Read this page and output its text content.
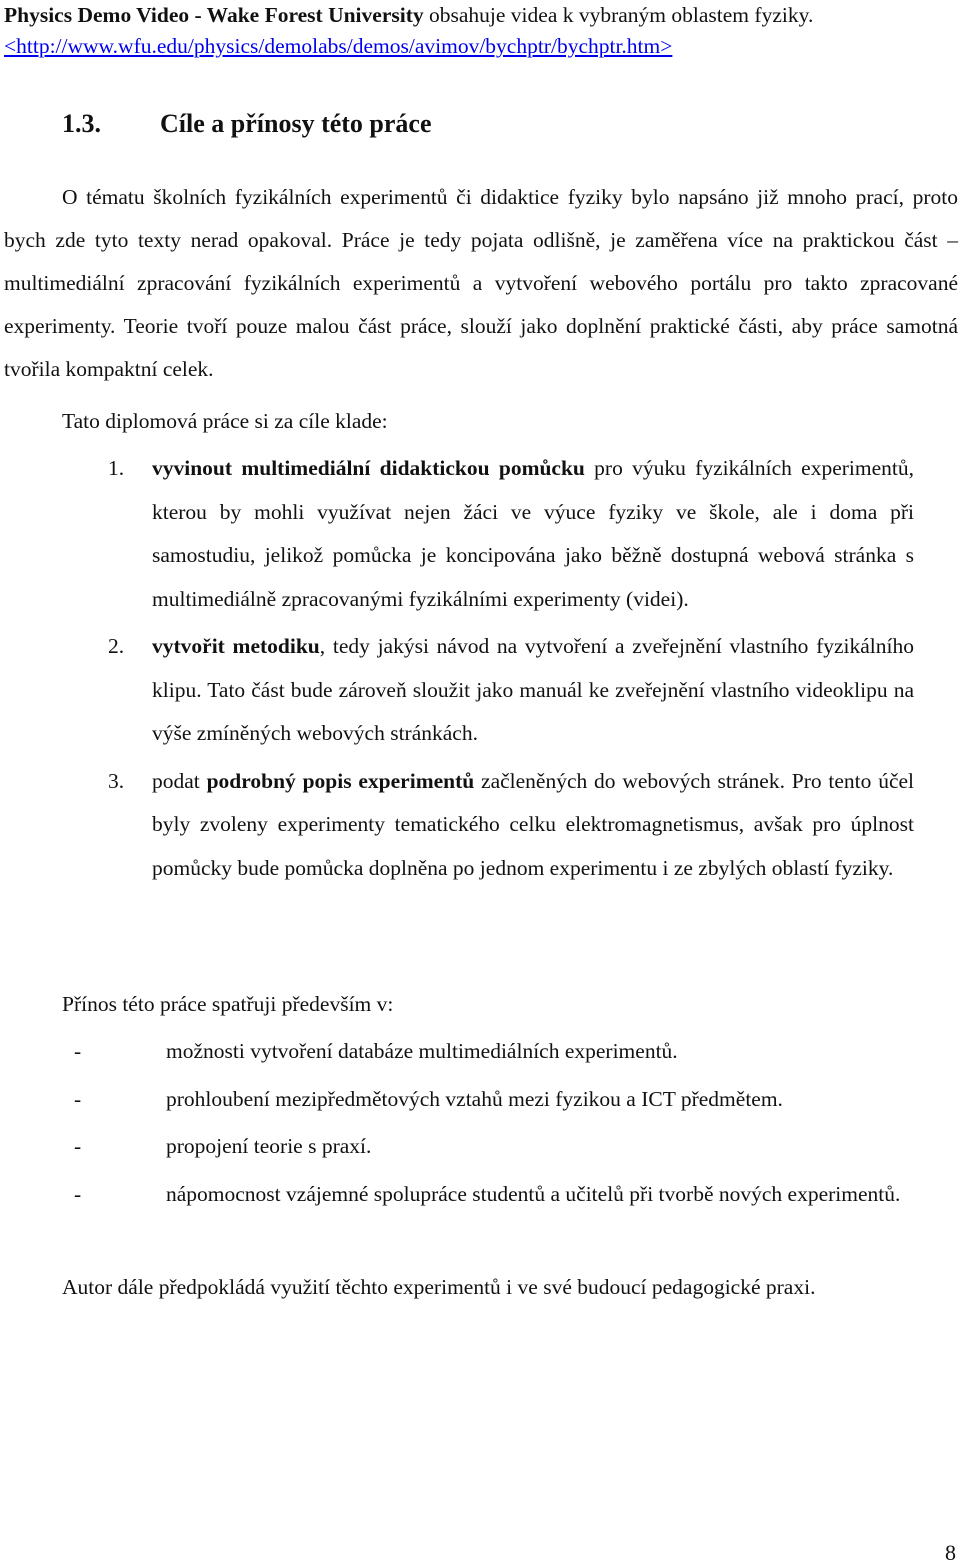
Physics Demo Video - Wake Forest University obsahuje videa k vybraným oblastem fyziky. <http://www.wfu.edu/physics/demolabs/demos/avimov/bychptr/bychptr.htm>

1.3. Cíle a přínosy této práce

O tématu školních fyzikálních experimentů či didaktice fyziky bylo napsáno již mnoho prací, proto bych zde tyto texty nerad opakoval. Práce je tedy pojata odlišně, je zaměřena více na praktickou část – multimediální zpracování fyzikálních experimentů a vytvoření webového portálu pro takto zpracované experimenty. Teorie tvoří pouze malou část práce, slouží jako doplnění praktické části, aby práce samotná tvořila kompaktní celek.

Tato diplomová práce si za cíle klade:

1. vyvinout multimediální didaktickou pomůcku pro výuku fyzikálních experimentů, kterou by mohli využívat nejen žáci ve výuce fyziky ve škole, ale i doma při samostudiu, jelikož pomůcka je koncipována jako běžně dostupná webová stránka s multimediálně zpracovanými fyzikálními experimenty (videi).
2. vytvořit metodiku, tedy jakýsi návod na vytvoření a zveřejnění vlastního fyzikálního klipu. Tato část bude zároveň sloužit jako manuál ke zveřejnění vlastního videoklipu na výše zmíněných webových stránkách.
3. podat podrobný popis experimentů začleněných do webových stránek. Pro tento účel byly zvoleny experimenty tematického celku elektromagnetismus, avšak pro úplnost pomůcky bude pomůcka doplněna po jednom experimentu i ze zbylých oblastí fyziky.

Přínos této práce spatřuji především v:

-	možnosti vytvoření databáze multimediálních experimentů.
-	prohloubení mezipředmětových vztahů mezi fyzikou a ICT předmětem.
-	propojení teorie s praxí.
-	nápomocnost vzájemné spolupráce studentů a učitelů při tvorbě nových experimentů.

Autor dále předpokládá využití těchto experimentů i ve své budoucí pedagogické praxi.

8
